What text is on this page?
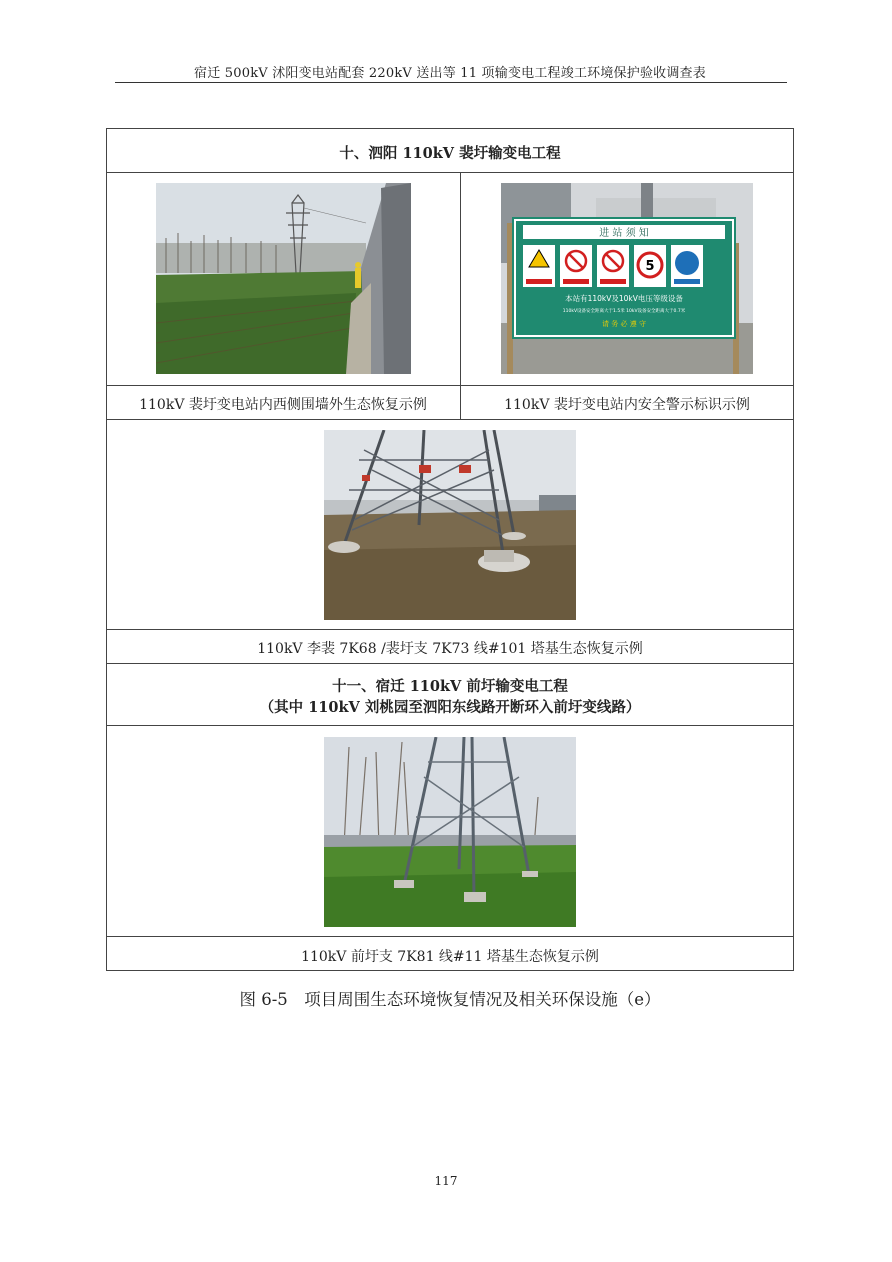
宿迁 500kV 沭阳变电站配套 220kV 送出等 11 项输变电工程竣工环境保护验收调查表
十、泗阳 110kV 裴圩输变电工程
进 站 须 知
5
本站有110kV及10kV电压等级设备
110kV设备安全距离大于1.5米 10kV设备安全距离大于0.7米
请 务 必 遵 守
110kV 裴圩变电站内西侧围墙外生态恢复示例	110kV 裴圩变电站内安全警示标识示例
110kV 李裴 7K68 /裴圩支 7K73 线#101 塔基生态恢复示例
十一、宿迁 110kV 前圩输变电工程
（其中 110kV 刘桃园至泗阳东线路开断环入前圩变线路）
110kV 前圩支 7K81 线#11 塔基生态恢复示例
图 6-5　项目周围生态环境恢复情况及相关环保设施（e）
117
